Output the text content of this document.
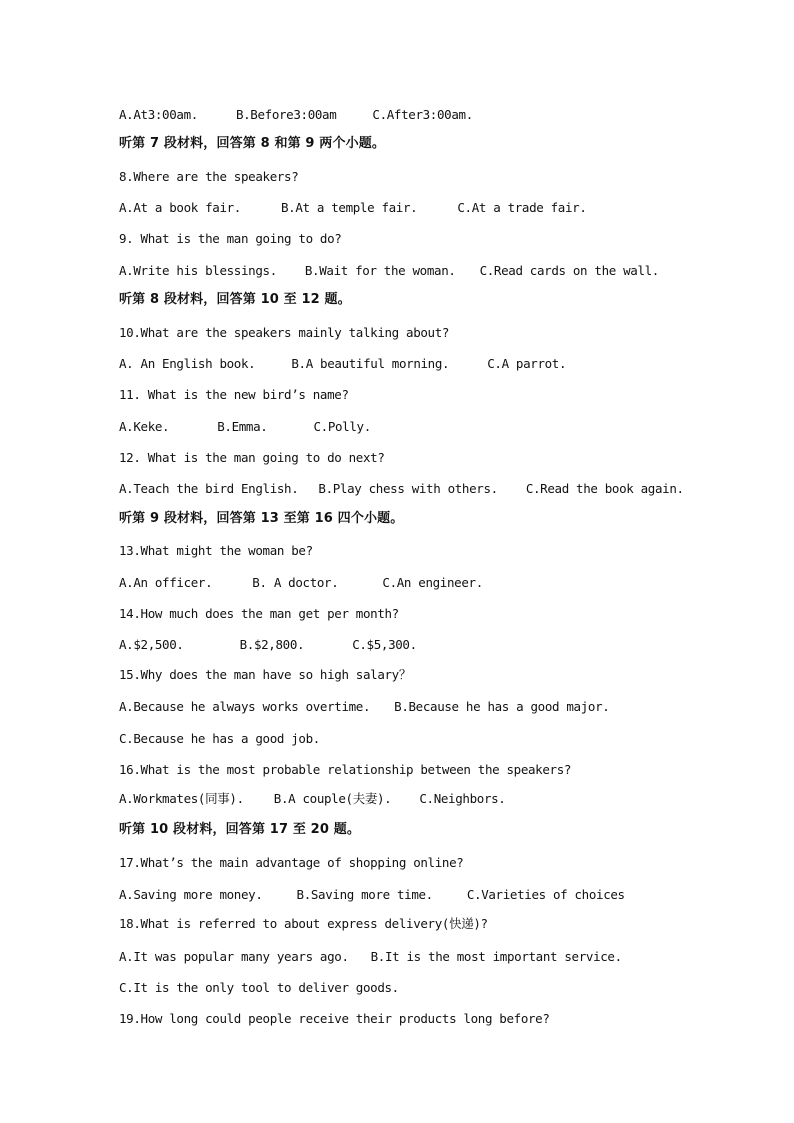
A.At3:00am.	B.Before3:00am	C.After3:00am.
听第 7 段材料，回答第 8 和第 9 两个小题。
8.Where are the speakers?
A.At a book fair.	B.At a temple fair.	C.At a trade fair.
9. What is the man going to do?
A.Write his blessings. B.Wait for the woman. C.Read cards on the wall.
听第 8 段材料，回答第 10 至 12 题。
10.What are the speakers mainly talking about?
A. An English book.	B.A beautiful morning.	C.A parrot.
11. What is the new bird’s name?
A.Keke.	B.Emma.	C.Polly.
12. What is the man going to do next?
A.Teach the bird English. B.Play chess with others. C.Read the book again.
听第 9 段材料，回答第 13 至第 16 四个小题。
13.What might the woman be?
A.An officer.	B. A doctor.	C.An engineer.
14.How much does the man get per month?
A.$2,500.	B.$2,800.	C.$5,300.
15.Why does the man have so high salary？
A.Because he always works overtime. B.Because he has a good major.
C.Because he has a good job.
16.What is the most probable relationship between the speakers?
A.Workmates(同事). B.A couple(夫妻). C.Neighbors.
听第 10 段材料，回答第 17 至 20 题。
17.What’s the main advantage of shopping online?
A.Saving more money.	B.Saving more time.	C.Varieties of choices
18.What is referred to about express delivery(快递)?
A.It was popular many years ago. B.It is the most important service.
C.It is the only tool to deliver goods.
19.How long could people receive their products long before?
